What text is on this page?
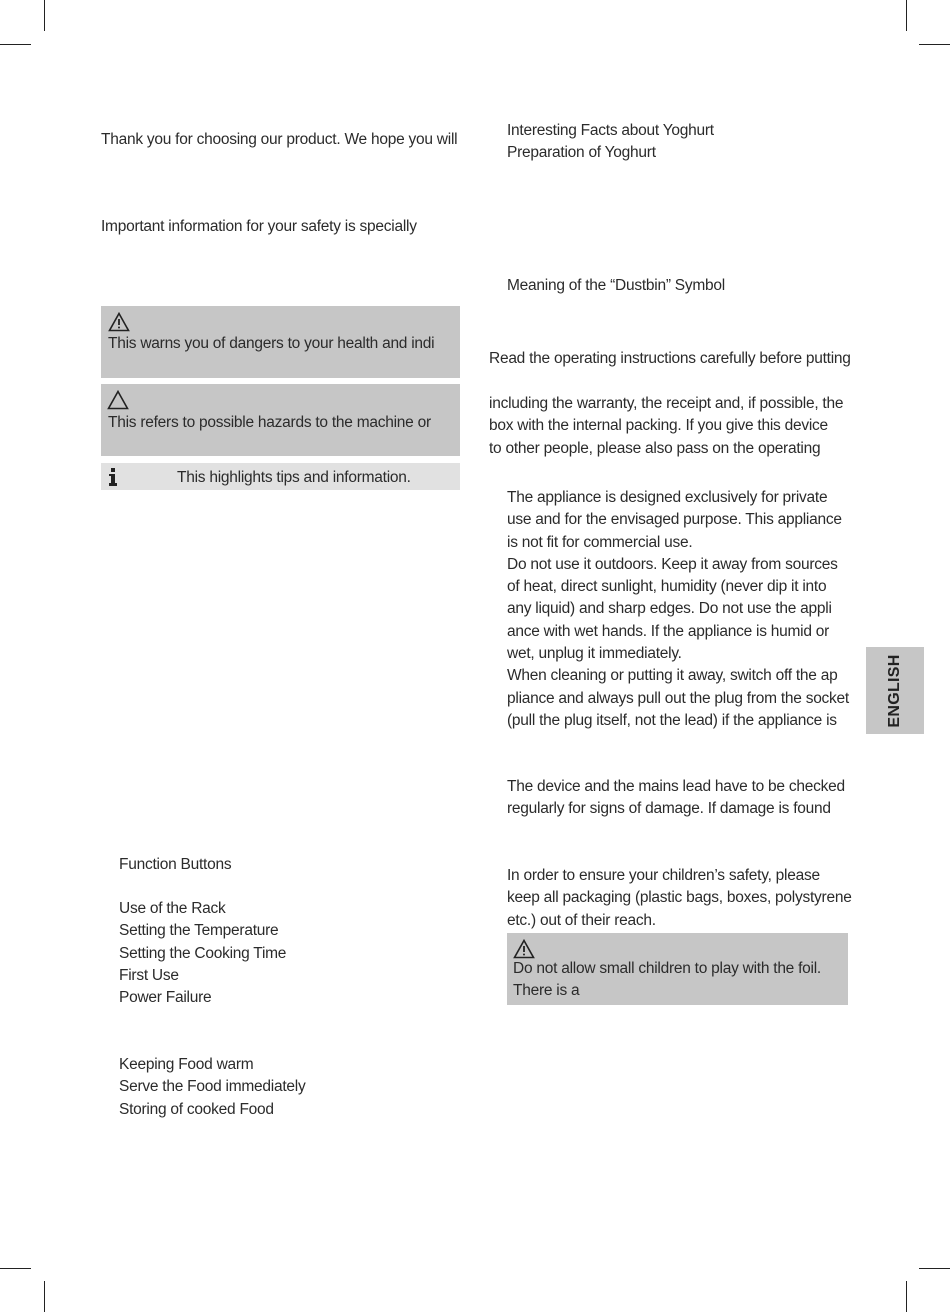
Thank you for choosing our product. We hope you will
Important information for your safety is specially
This warns you of dangers to your health and indi
This refers to possible hazards to the machine or
This highlights tips and information.
Function Buttons
Use of the Rack
Setting the Temperature
Setting the Cooking Time
First Use
Power Failure
Keeping Food warm
Serve the Food immediately
Storing of cooked Food
Interesting Facts about Yoghurt
Preparation of Yoghurt
Meaning of the “Dustbin” Symbol
Read the operating instructions carefully before putting
including the warranty, the receipt and, if possible, the
box with the internal packing. If you give this device
to other people, please also pass on the operating
The appliance is designed exclusively for private
use and for the envisaged purpose. This appliance
is not fit for commercial use.
Do not use it outdoors. Keep it away from sources
of heat, direct sunlight, humidity (never dip it into
any liquid) and sharp edges. Do not use the appli
ance with wet hands. If the appliance is humid or
wet, unplug it immediately.
When cleaning or putting it away, switch off the ap
pliance and always pull out the plug from the socket
(pull the plug itself, not the lead) if the appliance is
The device and the mains lead have to be checked
regularly for signs of damage. If damage is found
In order to ensure your children’s safety, please
keep all packaging (plastic bags, boxes, polystyrene
etc.) out of their reach.
Do not allow small children to play with the foil.
There is a
ENGLISH
